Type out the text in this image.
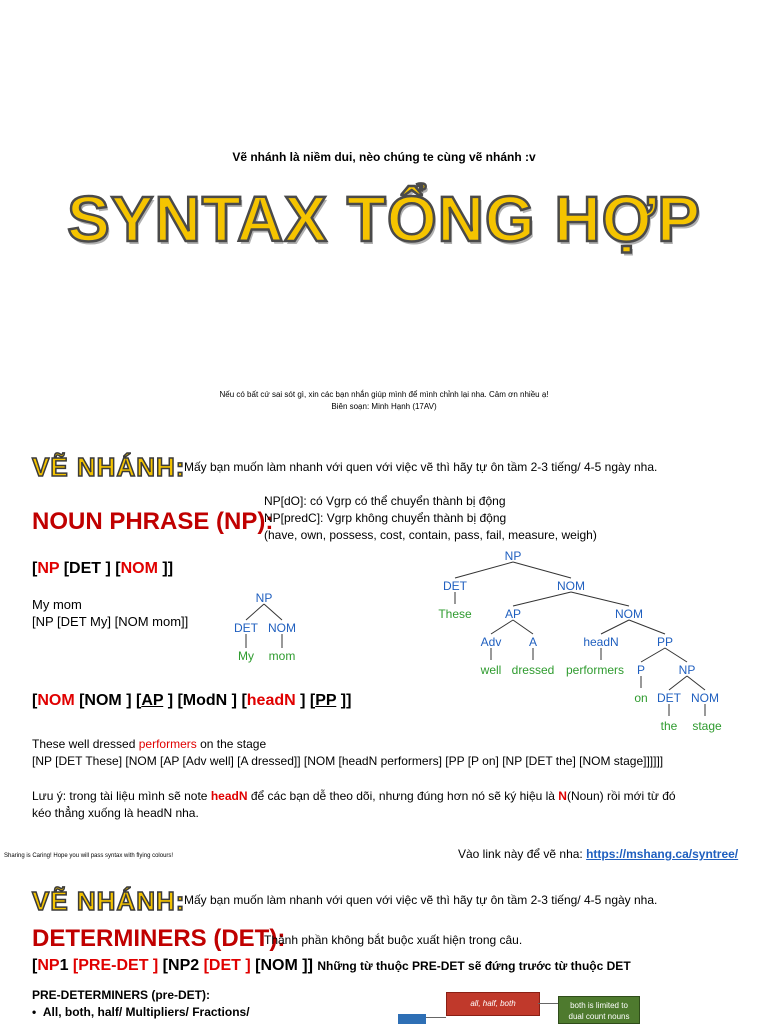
Vẽ nhánh là niềm dui, nèo chúng te cùng vẽ nhánh :v
SYNTAX TỔNG HỢP
Nếu có bất cứ sai sót gì, xin các bạn nhắn giúp mình để mình chỉnh lại nha. Cảm ơn nhiều ạ!
Biên soạn: Minh Hạnh (17AV)
VẼ NHÁNH:
Mấy bạn muốn làm nhanh với quen với việc vẽ thì hãy tự ôn tầm 2-3 tiếng/ 4-5 ngày nha.
NOUN PHRASE (NP):
NP[dO]: có Vgrp có thể chuyển thành bị động
NP[predC]: Vgrp không chuyển thành bị động
(have, own, possess, cost, contain, pass, fail, measure, weigh)
[NP [DET ] [NOM ]]
My mom
[NP [DET My] [NOM mom]]
NP
DET NOM
My mom
NP
DET	NOM
AP	NOM
Adv A	headN	PP
P	NP
DET NOM
These
well dressed performers
on
the stage
[NOM [NOM ] [AP ] [ModN ] [headN ] [PP ]]
These well dressed performers on the stage
[NP [DET These] [NOM [AP [Adv well] [A dressed]] [NOM [headN performers] [PP [P on] [NP [DET the] [NOM stage]]]]]]
Lưu ý: trong tài liệu mình sẽ note headN để các bạn dễ theo dõi, nhưng đúng hơn nó sẽ ký hiệu là N(Noun) rồi mới từ đó
kéo thẳng xuống là headN nha.
Sharing is Caring! Hope you will pass syntax with flying colours!	Vào link này để vẽ nha: https://mshang.ca/syntree/
VẼ NHÁNH:
Mấy bạn muốn làm nhanh với quen với việc vẽ thì hãy tự ôn tầm 2-3 tiếng/ 4-5 ngày nha.
DETERMINERS (DET):
Thành phần không bắt buộc xuất hiện trong câu.
[NP1 [PRE-DET ] [NP2 [DET ] [NOM ]] Những từ thuộc PRE-DET sẽ đứng trước từ thuộc DET
PRE-DETERMINERS (pre-DET):
•  All, both, half/ Multipliers/ Fractions/
all, half, both	both is limited to
dual count nouns
